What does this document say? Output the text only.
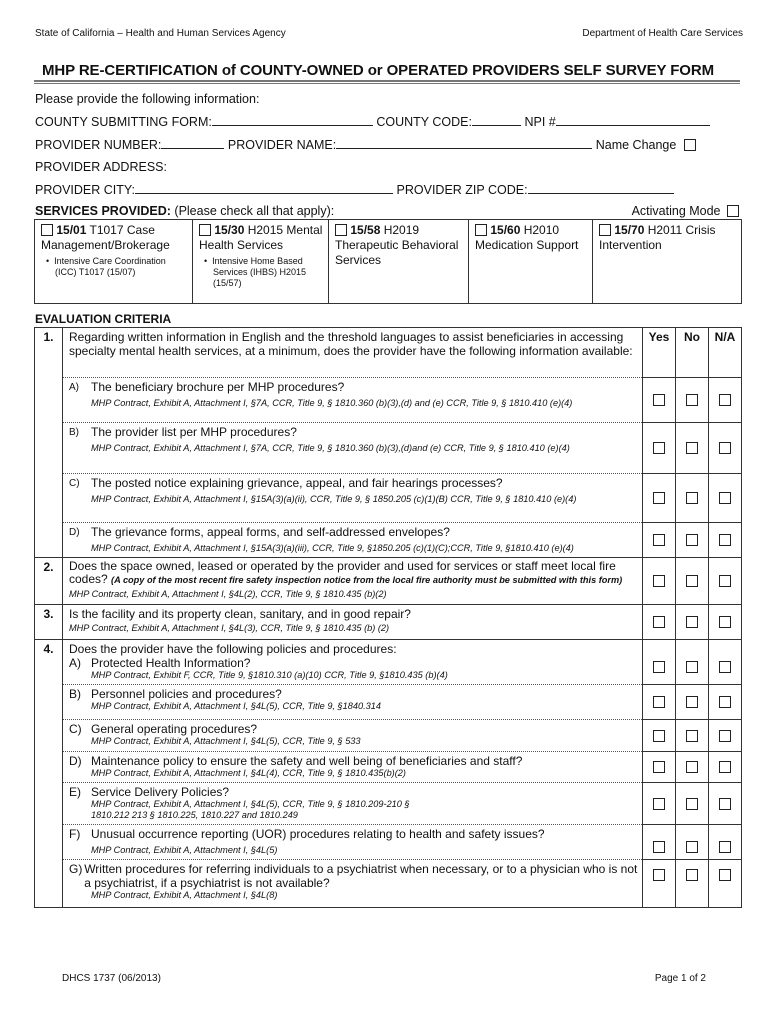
State of California – Health and Human Services Agency	Department of Health Care Services
MHP RE-CERTIFICATION of COUNTY-OWNED or OPERATED PROVIDERS SELF SURVEY FORM
Please provide the following information:
COUNTY SUBMITTING FORM:	COUNTY CODE:	NPI #
PROVIDER NUMBER:	PROVIDER NAME:	Name Change
PROVIDER ADDRESS:
PROVIDER CITY:	PROVIDER ZIP CODE:
SERVICES PROVIDED: (Please check all that apply):	Activating Mode
15/01 T1017 Case Management/Brokerage
•  Intensive Care Coordination (ICC) T1017 (15/07)
	15/30 H2015 Mental Health Services
•  Intensive Home Based Services (IHBS) H2015 (15/57)
	15/58 H2019 Therapeutic Behavioral Services	15/60 H2010 Medication Support	15/70 H2011 Crisis Intervention
EVALUATION CRITERIA
1.	Regarding written information in English and the threshold languages to assist beneficiaries in accessing specialty mental health services, at a minimum, does the provider have the following information available:	Yes	No	N/A

	A) The beneficiary brochure per MHP procedures?
MHP Contract, Exhibit A, Attachment I, §7A, CCR, Title 9, § 1810.360 (b)(3),(d) and (e) CCR, Title 9, § 1810.410 (e)(4)			

	B) The provider list per MHP procedures?
MHP Contract, Exhibit A, Attachment I, §7A, CCR, Title 9, § 1810.360 (b)(3),(d)and (e) CCR, Title 9, § 1810.410 (e)(4)			

	C) The posted notice explaining grievance, appeal, and fair hearings processes?
MHP Contract, Exhibit A, Attachment I, §15A(3)(a)(ii), CCR, Title 9, § 1850.205 (c)(1)(B) CCR, Title 9, § 1810.410 (e)(4)			

	D) The grievance forms, appeal forms, and self-addressed envelopes?
MHP Contract, Exhibit A, Attachment I, §15A(3)(a)(iii), CCR, Title 9, §1850.205 (c)(1)(C);CCR, Title 9, §1810.410 (e)(4)			

2.	Does the space owned, leased or operated by the provider and used for services or staff meet local fire codes? (A copy of the most recent fire safety inspection notice from the local fire authority must be submitted with this form) MHP Contract, Exhibit A, Attachment I, §4L(2), CCR, Title 9, § 1810.435 (b)(2)			
3.	Is the facility and its property clean, sanitary, and in good repair?
MHP Contract, Exhibit A, Attachment I, §4L(3), CCR, Title 9, § 1810.435 (b) (2)			

4.	Does the provider have the following policies and procedures:
A) Protected Health Information?
MHP Contract, Exhibit F, CCR, Title 9, §1810.310 (a)(10) CCR, Title 9, §1810.435 (b)(4)			

	B) Personnel policies and procedures?
MHP Contract, Exhibit A, Attachment I, §4L(5), CCR, Title 9, §1840.314			

	C) General operating procedures?
MHP Contract, Exhibit A, Attachment I, §4L(5), CCR, Title 9, § 533			

	D) Maintenance policy to ensure the safety and well being of beneficiaries and staff?
MHP Contract, Exhibit A, Attachment I, §4L(4), CCR, Title 9, § 1810.435(b)(2)			

	E) Service Delivery Policies?
MHP Contract, Exhibit A, Attachment I, §4L(5), CCR, Title 9, § 1810.209-210 § 1810.212 213 § 1810.225, 1810.227 and 1810.249			

	F) Unusual occurrence reporting (UOR) procedures relating to health and safety issues?
MHP Contract, Exhibit A, Attachment I, §4L(5)			

	G) Written procedures for referring individuals to a psychiatrist when necessary, or to a physician who is not a psychiatrist, if a psychiatrist is not available?
MHP Contract, Exhibit A, Attachment I, §4L(8)			

DHCS 1737 (06/2013)	Page 1 of 2
